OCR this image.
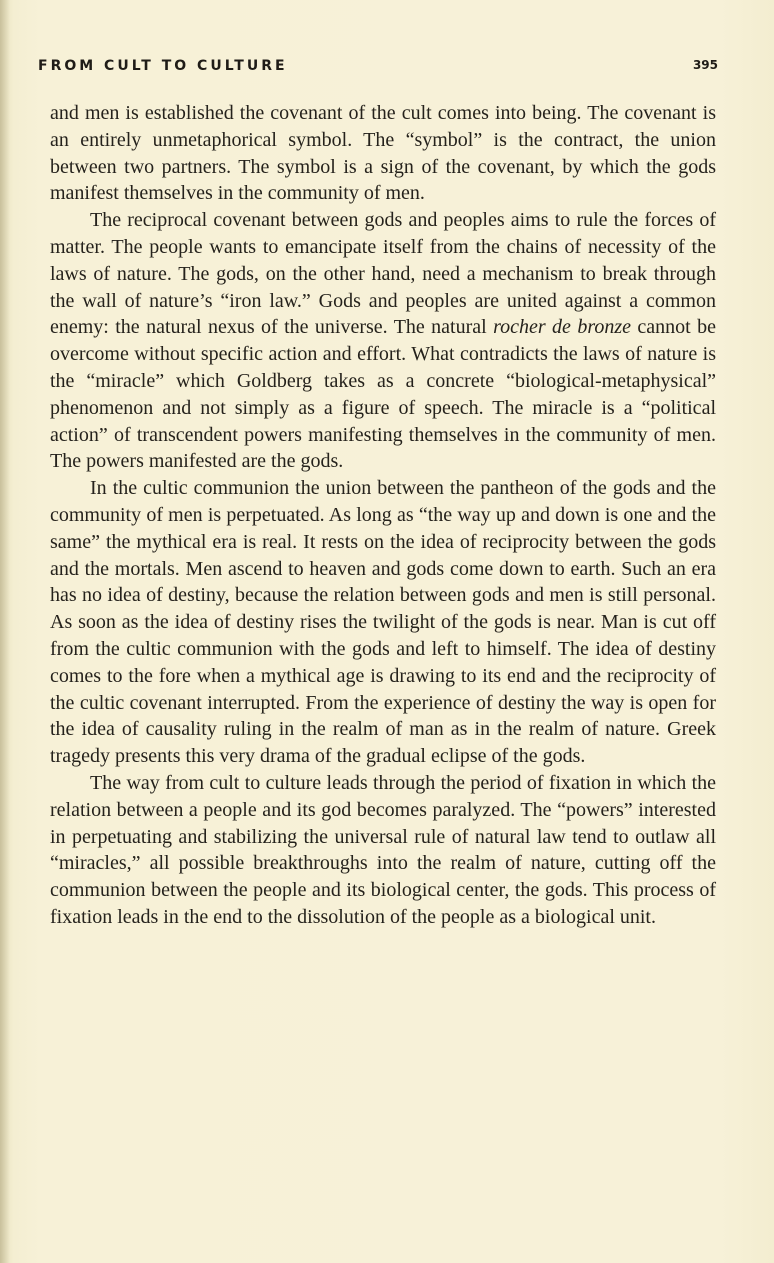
FROM CULT TO CULTURE	395

and men is established the covenant of the cult comes into being. The covenant is an entirely unmetaphorical symbol. The “symbol” is the contract, the union between two partners. The symbol is a sign of the covenant, by which the gods manifest themselves in the community of men.

The reciprocal covenant between gods and peoples aims to rule the forces of matter. The people wants to emancipate itself from the chains of necessity of the laws of nature. The gods, on the other hand, need a mechanism to break through the wall of nature’s “iron law.” Gods and peoples are united against a common enemy: the natural nexus of the universe. The natural rocher de bronze cannot be overcome without specific action and effort. What contradicts the laws of nature is the “miracle” which Goldberg takes as a concrete “biological-metaphysical” phenomenon and not simply as a figure of speech. The miracle is a “political action” of transcendent powers manifesting themselves in the community of men. The powers manifested are the gods.

In the cultic communion the union between the pantheon of the gods and the community of men is perpetuated. As long as “the way up and down is one and the same” the mythical era is real. It rests on the idea of reciprocity between the gods and the mortals. Men ascend to heaven and gods come down to earth. Such an era has no idea of destiny, because the relation between gods and men is still personal. As soon as the idea of destiny rises the twilight of the gods is near. Man is cut off from the cultic communion with the gods and left to himself. The idea of destiny comes to the fore when a mythical age is drawing to its end and the reciprocity of the cultic covenant interrupted. From the experience of destiny the way is open for the idea of causality ruling in the realm of man as in the realm of nature. Greek tragedy presents this very drama of the gradual eclipse of the gods.

The way from cult to culture leads through the period of fixation in which the relation between a people and its god becomes paralyzed. The “powers” interested in perpetuating and stabilizing the universal rule of natural law tend to outlaw all “miracles,” all possible breakthroughs into the realm of nature, cutting off the communion between the people and its biological center, the gods. This process of fixation leads in the end to the dissolution of the people as a biological unit.
